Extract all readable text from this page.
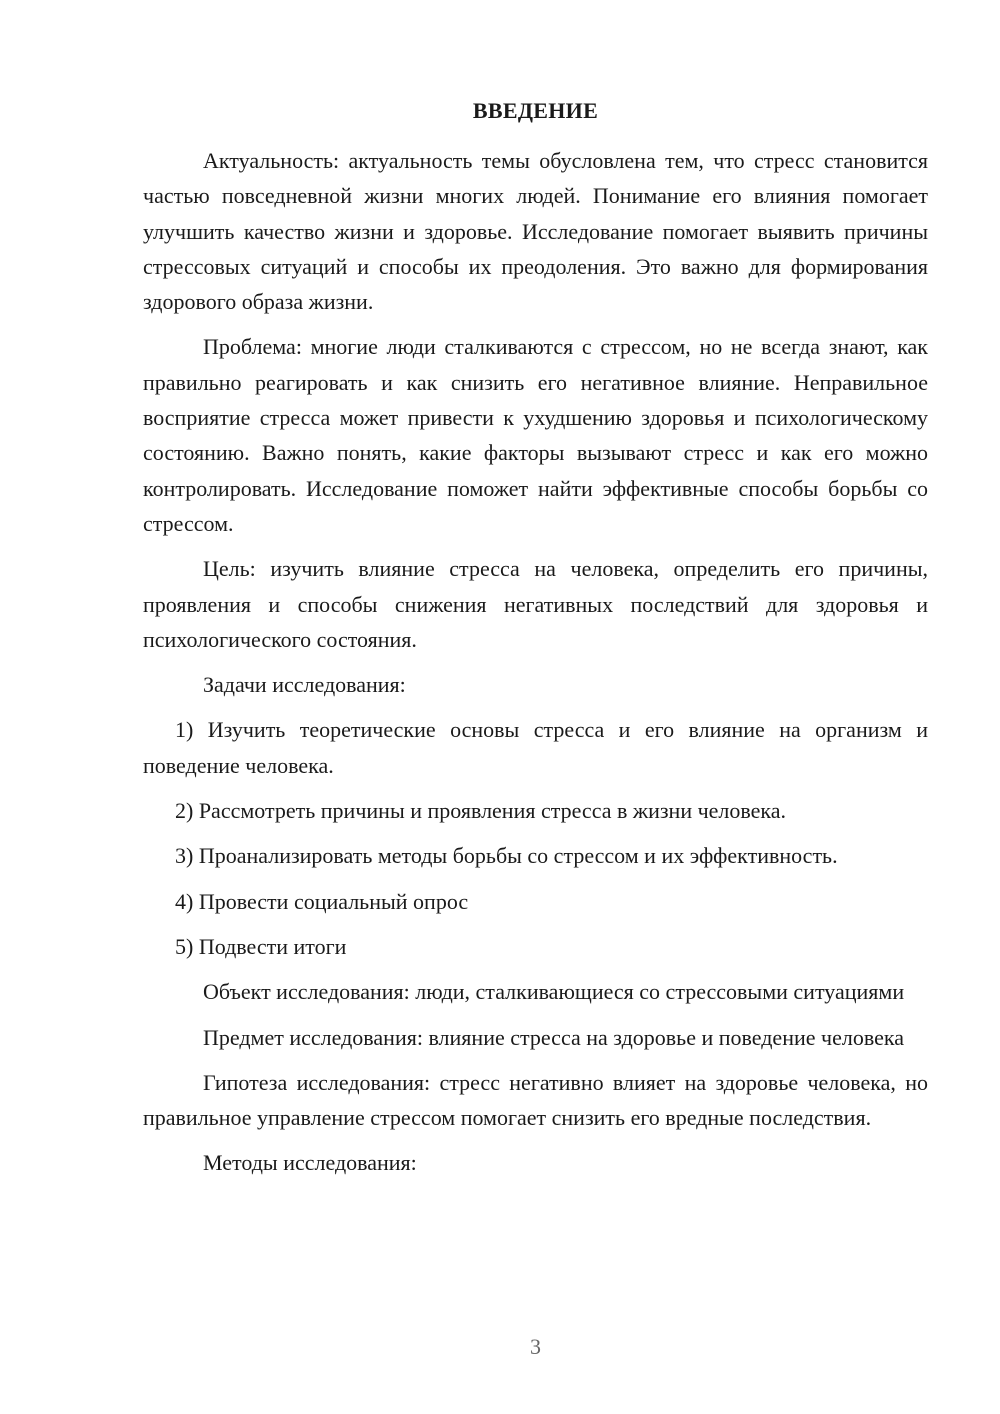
ВВЕДЕНИЕ

Актуальность: актуальность темы обусловлена тем, что стресс становится частью повседневной жизни многих людей. Понимание его влияния помогает улучшить качество жизни и здоровье. Исследование помогает выявить причины стрессовых ситуаций и способы их преодоления. Это важно для формирования здорового образа жизни.

Проблема: многие люди сталкиваются с стрессом, но не всегда знают, как правильно реагировать и как снизить его негативное влияние. Неправильное восприятие стресса может привести к ухудшению здоровья и психологическому состоянию. Важно понять, какие факторы вызывают стресс и как его можно контролировать. Исследование поможет найти эффективные способы борьбы со стрессом.

Цель: изучить влияние стресса на человека, определить его причины, проявления и способы снижения негативных последствий для здоровья и психологического состояния.

Задачи исследования:

1) Изучить теоретические основы стресса и его влияние на организм и поведение человека.

2) Рассмотреть причины и проявления стресса в жизни человека.

3) Проанализировать методы борьбы со стрессом и их эффективность.

4) Провести социальный опрос

5) Подвести итоги

Объект исследования: люди, сталкивающиеся со стрессовыми ситуациями

Предмет исследования: влияние стресса на здоровье и поведение человека

Гипотеза исследования: стресс негативно влияет на здоровье человека, но правильное управление стрессом помогает снизить его вредные последствия.

Методы исследования:

3
